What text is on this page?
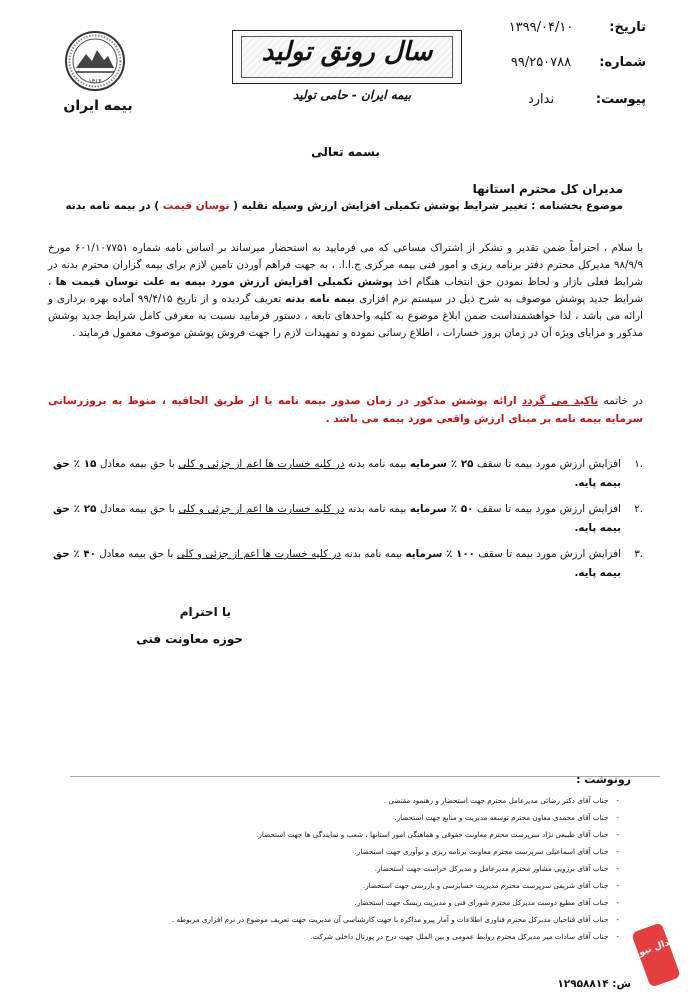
تاریخ:
۱۳۹۹/۰۴/۱۰
شماره:
۹۹/۲۵۰۷۸۸
پیوست:
ندارد
سال رونق تولید
بیمه ایران - حامی تولید
۱۳۱۴
بیمه ایران
بسمه تعالی
مدیران کل محترم استانها
موضوع بخشنامه : تغییر شرایط پوشش تکمیلی افزایش ارزش وسیله نقلیه ( نوسان قیمت ) در بیمه نامه بدنه
با سلام ، احتراماً ضمن تقدیر و تشکر از اشتراک مساعی که می فرمایید به استحضار میرساند بر اساس نامه شماره ۶۰۱/۱۰۷۷۵۱ مورخ ۹۸/۹/۹ مدیرکل محترم دفتر برنامه ریزی و امور فنی بیمه مرکزی ج.ا.ا. ، به جهت فراهم آوردن تامین لازم برای بیمه گزاران محترم بدنه در شرایط فعلی بازار و لحاظ نمودن حق انتخاب هنگام اخذ پوشش تکمیلی افزایش ارزش مورد بیمه به علت نوسان قیمت ها ، شرایط جدید پوشش موصوف به شرح ذیل در سیستم نرم افزاری بیمه نامه بدنه تعریف گردیده و از تاریخ ۹۹/۴/۱۵ آماده بهره برداری و ارائه می باشد ، لذا خواهشمنداست ضمن ابلاغ موضوع به کلیه واحدهای تابعه ، دستور فرمایید نسبت به معرفی کامل شرایط جدید پوشش مذکور و مزایای ویژه آن در زمان بروز خسارات ، اطلاع رسانی نموده و تمهیدات لازم را جهت فروش پوشش موصوف معمول فرمایند .
در خاتمه تاکید می گردد ارائه پوشش مذکور در زمان صدور بیمه نامه یا از طریق الحاقیه ، منوط به بروزرسانی سرمایه بیمه نامه بر مبنای ارزش واقعی مورد بیمه می باشد .
.۱
افزایش ارزش مورد بیمه تا سقف ۲۵ ٪ سرمایه بیمه نامه بدنه در کلیه خسارت ها اعم از جزئی و کلی با حق بیمه معادل ۱۵ ٪ حق بیمه پایه.
.۲
افزایش ارزش مورد بیمه تا سقف ۵۰ ٪ سرمایه بیمه نامه بدنه در کلیه خسارت ها اعم از جزئی و کلی با حق بیمه معادل ۲۵ ٪ حق بیمه پایه.
.۳
افزایش ارزش مورد بیمه تا سقف ۱۰۰ ٪ سرمایه بیمه نامه بدنه در کلیه خسارت ها اعم از جزئی و کلی با حق بیمه معادل ۴۰ ٪ حق بیمه پایه.
با احترام
حوزه معاونت فنی
رونوشت :
-
جناب آقای دکتر رضائی مدیرعامل محترم جهت استحضار و رهنمود مقتضی .
-
جناب آقای محمدی معاون محترم توسعه مدیریت و منابع جهت استحضار.
-
جناب آقای طبیعی نژاد سرپرست محترم معاونت حقوقی و هماهنگی امور استانها ، شعب و نمایندگی ها جهت استحضار.
-
جناب آقای اسماعیلی سرپرست محترم معاونت برنامه ریزی و نوآوری جهت استحضار.
-
جناب آقای برزویی مشاور محترم مدیرعامل و مدیرکل حراست جهت استحضار.
-
جناب آقای شریفی سرپرست محترم مدیریت حسابرسی و بازرسی جهت استحضار.
-
جناب آقای مطیع دوست مدیرکل محترم شورای فنی و مدیریت ریسک جهت استحضار.
-
جناب آقای فتاحیان مدیرکل محترم فناوری اطلاعات و آمار پیرو مذاکره با جهت کارشناسی آن مدیریت جهت تعریف موضوع در نرم افزاری مربوطه .
-
جناب آقای سادات میر مدیرکل محترم روابط عمومی و بین الملل جهت درج در پورتال داخلی شرکت.
ش: ۱۲۹۵۸۸۱۴
پدال نیوز
